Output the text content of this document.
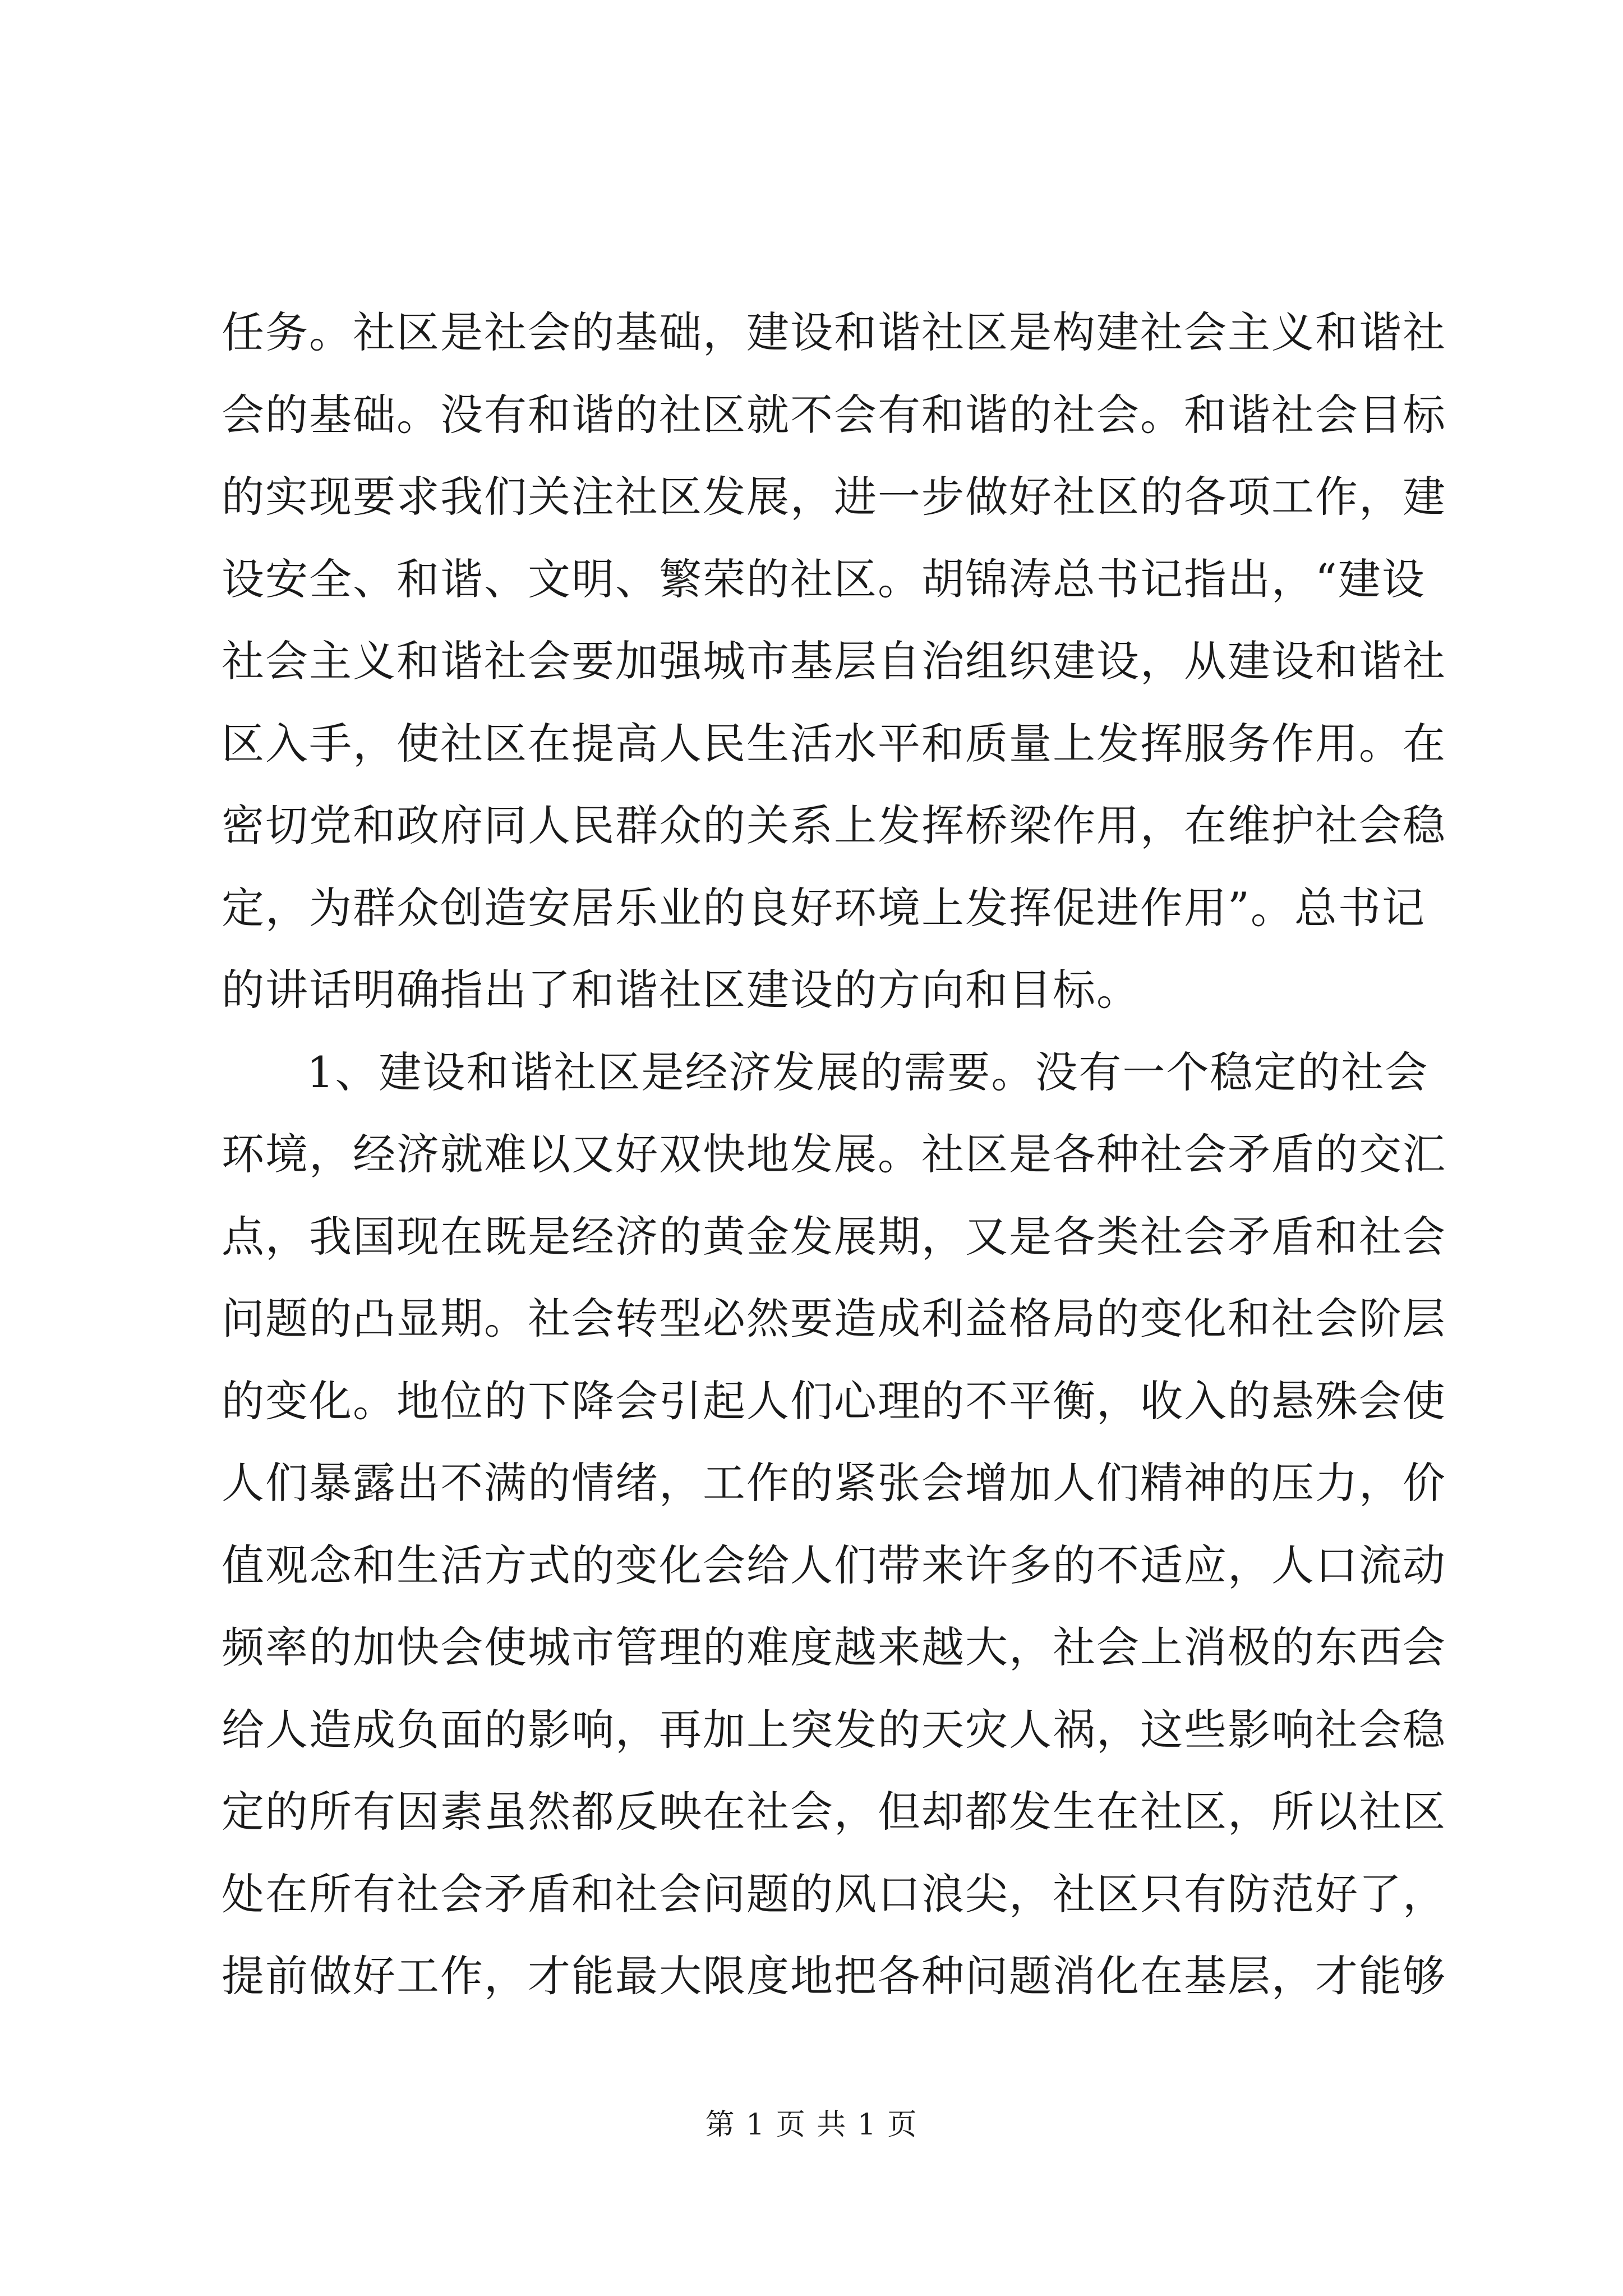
任务。社区是社会的基础，建设和谐社区是构建社会主义和谐社
会的基础。没有和谐的社区就不会有和谐的社会。和谐社会目标
的实现要求我们关注社区发展，进一步做好社区的各项工作，建
设安全、和谐、文明、繁荣的社区。胡锦涛总书记指出，“建设
社会主义和谐社会要加强城市基层自治组织建设，从建设和谐社
区入手，使社区在提高人民生活水平和质量上发挥服务作用。在
密切党和政府同人民群众的关系上发挥桥梁作用，在维护社会稳
定，为群众创造安居乐业的良好环境上发挥促进作用”。总书记
的讲话明确指出了和谐社区建设的方向和目标。
1、建设和谐社区是经济发展的需要。没有一个稳定的社会
环境，经济就难以又好双快地发展。社区是各种社会矛盾的交汇
点，我国现在既是经济的黄金发展期，又是各类社会矛盾和社会
问题的凸显期。社会转型必然要造成利益格局的变化和社会阶层
的变化。地位的下降会引起人们心理的不平衡，收入的悬殊会使
人们暴露出不满的情绪，工作的紧张会增加人们精神的压力，价
值观念和生活方式的变化会给人们带来许多的不适应，人口流动
频率的加快会使城市管理的难度越来越大，社会上消极的东西会
给人造成负面的影响，再加上突发的天灾人祸，这些影响社会稳
定的所有因素虽然都反映在社会，但却都发生在社区，所以社区
处在所有社会矛盾和社会问题的风口浪尖，社区只有防范好了，
提前做好工作，才能最大限度地把各种问题消化在基层，才能够
第 1 页 共 1 页
